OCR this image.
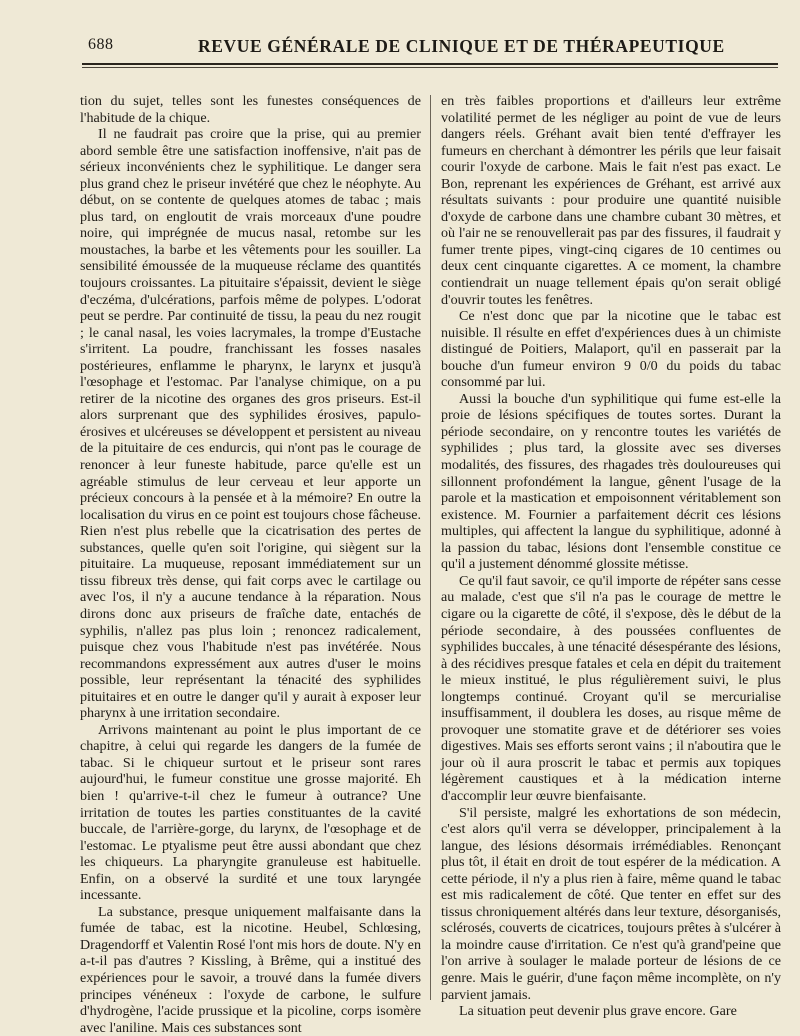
688	REVUE GÉNÉRALE DE CLINIQUE ET DE THÉRAPEUTIQUE

tion du sujet, telles sont les funestes conséquences de l'habitude de la chique.

Il ne faudrait pas croire que la prise, qui au premier abord semble être une satisfaction inoffensive, n'ait pas de sérieux inconvénients chez le syphilitique. Le danger sera plus grand chez le priseur invétéré que chez le néophyte. Au début, on se contente de quelques atomes de tabac ; mais plus tard, on engloutit de vrais morceaux d'une poudre noire, qui imprégnée de mucus nasal, retombe sur les moustaches, la barbe et les vêtements pour les souiller. La sensibilité émoussée de la muqueuse réclame des quantités toujours croissantes. La pituitaire s'épaissit, devient le siège d'eczéma, d'ulcérations, parfois même de polypes. L'odorat peut se perdre. Par continuité de tissu, la peau du nez rougit ; le canal nasal, les voies lacrymales, la trompe d'Eustache s'irritent. La poudre, franchissant les fosses nasales postérieures, enflamme le pharynx, le larynx et jusqu'à l'œsophage et l'estomac. Par l'analyse chimique, on a pu retirer de la nicotine des organes des gros priseurs. Est-il alors surprenant que des syphilides érosives, papulo-érosives et ulcéreuses se développent et persistent au niveau de la pituitaire de ces endurcis, qui n'ont pas le courage de renoncer à leur funeste habitude, parce qu'elle est un agréable stimulus de leur cerveau et leur apporte un précieux concours à la pensée et à la mémoire? En outre la localisation du virus en ce point est toujours chose fâcheuse. Rien n'est plus rebelle que la cicatrisation des pertes de substances, quelle qu'en soit l'origine, qui siègent sur la pituitaire. La muqueuse, reposant immédiatement sur un tissu fibreux très dense, qui fait corps avec le cartilage ou avec l'os, il n'y a aucune tendance à la réparation. Nous dirons donc aux priseurs de fraîche date, entachés de syphilis, n'allez pas plus loin ; renoncez radicalement, puisque chez vous l'habitude n'est pas invétérée. Nous recommandons expressément aux autres d'user le moins possible, leur représentant la ténacité des syphilides pituitaires et en outre le danger qu'il y aurait à exposer leur pharynx à une irritation secondaire.

Arrivons maintenant au point le plus important de ce chapitre, à celui qui regarde les dangers de la fumée de tabac. Si le chiqueur surtout et le priseur sont rares aujourd'hui, le fumeur constitue une grosse majorité. Eh bien ! qu'arrive-t-il chez le fumeur à outrance? Une irritation de toutes les parties constituantes de la cavité buccale, de l'arrière-gorge, du larynx, de l'œsophage et de l'estomac. Le ptyalisme peut être aussi abondant que chez les chiqueurs. La pharyngite granuleuse est habituelle. Enfin, on a observé la surdité et une toux laryngée incessante.

La substance, presque uniquement malfaisante dans la fumée de tabac, est la nicotine. Heubel, Schlœsing, Dragendorff et Valentin Rosé l'ont mis hors de doute. N'y en a-t-il pas d'autres ? Kissling, à Brême, qui a institué des expériences pour le savoir, a trouvé dans la fumée divers principes vénéneux : l'oxyde de carbone, le sulfure d'hydrogène, l'acide prussique et la picoline, corps isomère avec l'aniline. Mais ces substances sont

en très faibles proportions et d'ailleurs leur extrême volatilité permet de les négliger au point de vue de leurs dangers réels. Gréhant avait bien tenté d'effrayer les fumeurs en cherchant à démontrer les périls que leur faisait courir l'oxyde de carbone. Mais le fait n'est pas exact. Le Bon, reprenant les expériences de Gréhant, est arrivé aux résultats suivants : pour produire une quantité nuisible d'oxyde de carbone dans une chambre cubant 30 mètres, et où l'air ne se renouvellerait pas par des fissures, il faudrait y fumer trente pipes, vingt-cinq cigares de 10 centimes ou deux cent cinquante cigarettes. A ce moment, la chambre contiendrait un nuage tellement épais qu'on serait obligé d'ouvrir toutes les fenêtres.

Ce n'est donc que par la nicotine que le tabac est nuisible. Il résulte en effet d'expériences dues à un chimiste distingué de Poitiers, Malaport, qu'il en passerait par la bouche d'un fumeur environ 9 0/0 du poids du tabac consommé par lui.

Aussi la bouche d'un syphilitique qui fume est-elle la proie de lésions spécifiques de toutes sortes. Durant la période secondaire, on y rencontre toutes les variétés de syphilides ; plus tard, la glossite avec ses diverses modalités, des fissures, des rhagades très douloureuses qui sillonnent profondément la langue, gênent l'usage de la parole et la mastication et empoisonnent véritablement son existence. M. Fournier a parfaitement décrit ces lésions multiples, qui affectent la langue du syphilitique, adonné à la passion du tabac, lésions dont l'ensemble constitue ce qu'il a justement dénommé glossite métisse.

Ce qu'il faut savoir, ce qu'il importe de répéter sans cesse au malade, c'est que s'il n'a pas le courage de mettre le cigare ou la cigarette de côté, il s'expose, dès le début de la période secondaire, à des poussées confluentes de syphilides buccales, à une ténacité désespérante des lésions, à des récidives presque fatales et cela en dépit du traitement le mieux institué, le plus régulièrement suivi, le plus longtemps continué. Croyant qu'il se mercurialise insuffisamment, il doublera les doses, au risque même de provoquer une stomatite grave et de détériorer ses voies digestives. Mais ses efforts seront vains ; il n'aboutira que le jour où il aura proscrit le tabac et permis aux topiques légèrement caustiques et à la médication interne d'accomplir leur œuvre bienfaisante.

S'il persiste, malgré les exhortations de son médecin, c'est alors qu'il verra se développer, principalement à la langue, des lésions désormais irrémédiables. Renonçant plus tôt, il était en droit de tout espérer de la médication. A cette période, il n'y a plus rien à faire, même quand le tabac est mis radicalement de côté. Que tenter en effet sur des tissus chroniquement altérés dans leur texture, désorganisés, sclérosés, couverts de cicatrices, toujours prêtes à s'ulcérer à la moindre cause d'irritation. Ce n'est qu'à grand'peine que l'on arrive à soulager le malade porteur de lésions de ce genre. Mais le guérir, d'une façon même incomplète, on n'y parvient jamais.

La situation peut devenir plus grave encore. Gare
